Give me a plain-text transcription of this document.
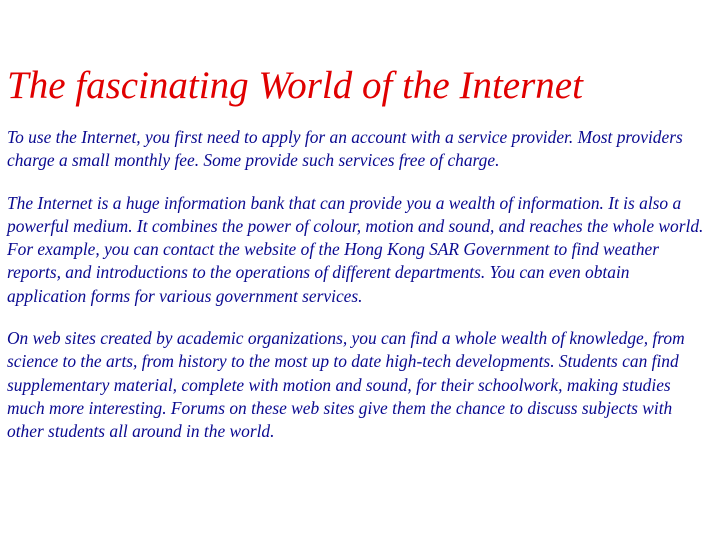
The fascinating World of the Internet

To use the Internet, you first need to apply for an account with a service provider. Most providers charge a small monthly fee. Some provide such services free of charge.

The Internet is a huge information bank that can provide you a wealth of information. It is also a powerful medium. It combines the power of colour, motion and sound, and reaches the whole world. For example, you can contact the website of the Hong Kong SAR Government to find weather reports, and introductions to the operations of different departments. You can even obtain application forms for various government services.

On web sites created by academic organizations, you can find a whole wealth of knowledge, from science to the arts, from history to the most up to date high-tech developments. Students can find supplementary material, complete with motion and sound, for their schoolwork, making studies much more interesting. Forums on these web sites give them the chance to discuss subjects with other students all around in the world.
